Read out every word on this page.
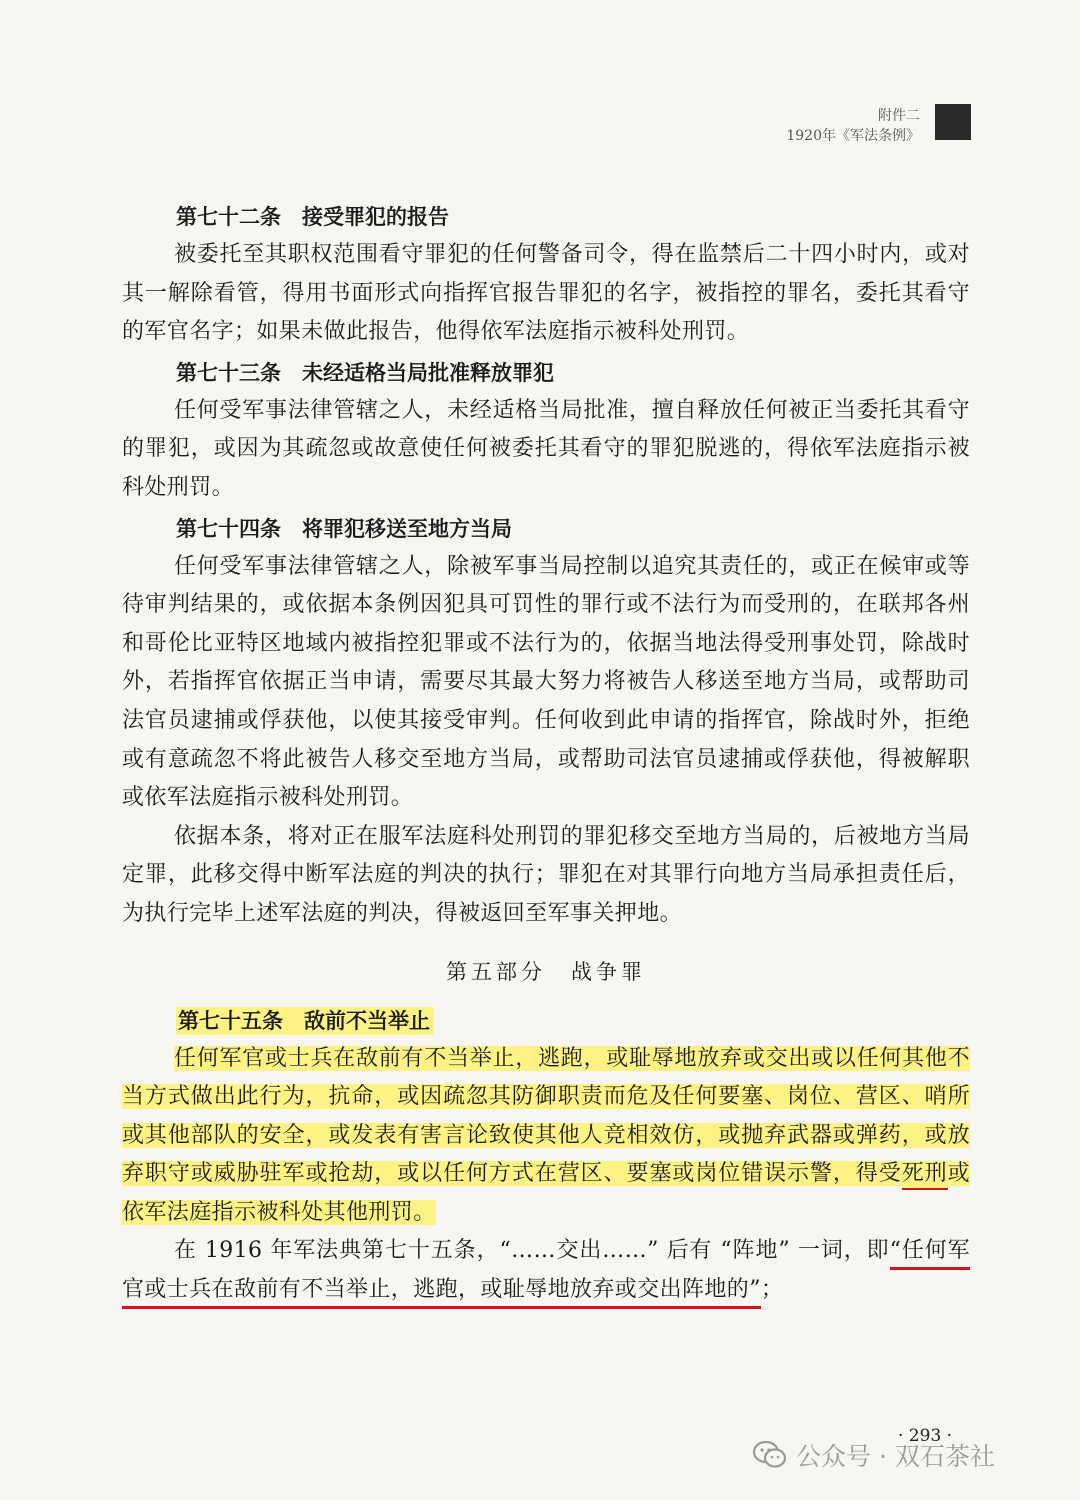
附件二
1920年《军法条例》
第七十二条　接受罪犯的报告

被委托至其职权范围看守罪犯的任何警备司令，得在监禁后二十四小时内，或对其一解除看管，得用书面形式向指挥官报告罪犯的名字，被指控的罪名，委托其看守的军官名字；如果未做此报告，他得依军法庭指示被科处刑罚。

第七十三条　未经适格当局批准释放罪犯

任何受军事法律管辖之人，未经适格当局批准，擅自释放任何被正当委托其看守的罪犯，或因为其疏忽或故意使任何被委托其看守的罪犯脱逃的，得依军法庭指示被科处刑罚。

第七十四条　将罪犯移送至地方当局

任何受军事法律管辖之人，除被军事当局控制以追究其责任的，或正在候审或等待审判结果的，或依据本条例因犯具可罚性的罪行或不法行为而受刑的，在联邦各州和哥伦比亚特区地域内被指控犯罪或不法行为的，依据当地法得受刑事处罚，除战时外，若指挥官依据正当申请，需要尽其最大努力将被告人移送至地方当局，或帮助司法官员逮捕或俘获他，以使其接受审判。任何收到此申请的指挥官，除战时外，拒绝或有意疏忽不将此被告人移交至地方当局，或帮助司法官员逮捕或俘获他，得被解职或依军法庭指示被科处刑罚。

依据本条，将对正在服军法庭科处刑罚的罪犯移交至地方当局的，后被地方当局定罪，此移交得中断军法庭的判决的执行；罪犯在对其罪行向地方当局承担责任后，为执行完毕上述军法庭的判决，得被返回至军事关押地。

第五部分　战争罪
第七十五条　敌前不当举止

任何军官或士兵在敌前有不当举止，逃跑，或耻辱地放弃或交出或以任何其他不当方式做出此行为，抗命，或因疏忽其防御职责而危及任何要塞、岗位、营区、哨所或其他部队的安全，或发表有害言论致使其他人竞相效仿，或抛弃武器或弹药，或放弃职守或威胁驻军或抢劫，或以任何方式在营区、要塞或岗位错误示警，得受死刑或依军法庭指示被科处其他刑罚。

在 1916 年军法典第七十五条，“……交出……” 后有 “阵地” 一词，即“任何军官或士兵在敌前有不当举止，逃跑，或耻辱地放弃或交出阵地的”；

· 293 ·
公众号 · 双石茶社
